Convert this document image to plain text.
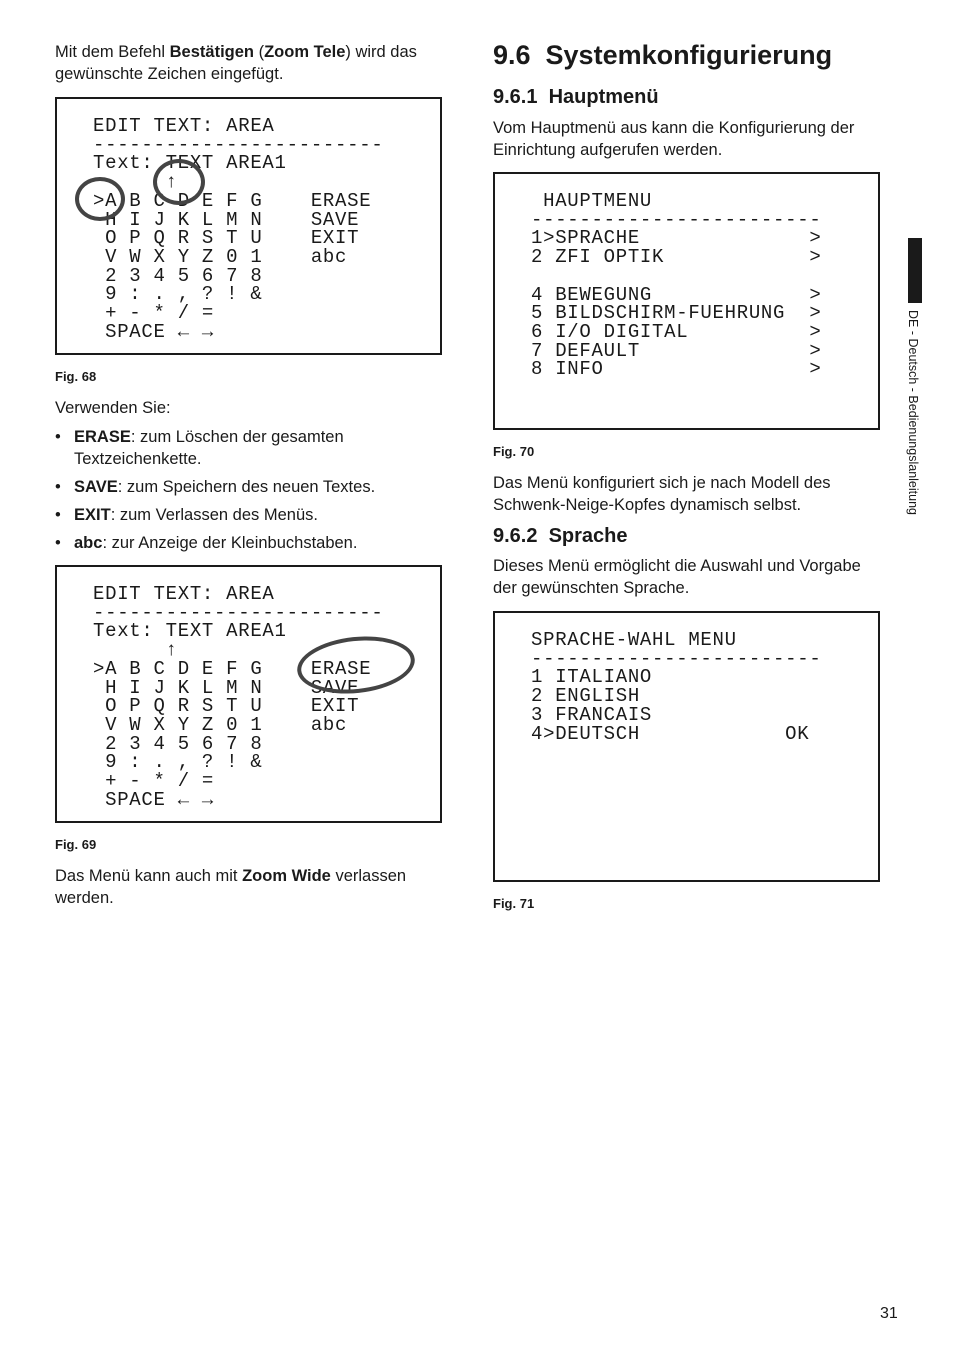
Mit dem Befehl Bestätigen (Zoom Tele) wird das gewünschte Zeichen eingefügt.
EDIT TEXT: AREA
------------------------
Text: TEXT AREA1
↑
>A B C D E F G    ERASE
H I J K L M N    SAVE
O P Q R S T U    EXIT
V W X Y Z 0 1    abc
2 3 4 5 6 7 8
9 : . , ? ! &
+ - * / =
SPACE ← →
Fig. 68
Verwenden Sie:
• ERASE: zum Löschen der gesamten Textzeichenkette.
• SAVE: zum Speichern des neuen Textes.
• EXIT: zum Verlassen des Menüs.
• abc: zur Anzeige der Kleinbuchstaben.
EDIT TEXT: AREA
------------------------
Text: TEXT AREA1
↑
>A B C D E F G    ERASE
H I J K L M N    SAVE
O P Q R S T U    EXIT
V W X Y Z 0 1    abc
2 3 4 5 6 7 8
9 : . , ? ! &
+ - * / =
SPACE ← →
Fig. 69
Das Menü kann auch mit Zoom Wide verlassen werden.
9.6  Systemkonfigurierung
9.6.1  Hauptmenü
Vom Hauptmenü aus kann die Konfigurierung der Einrichtung aufgerufen werden.
HAUPTMENU
------------------------
1>SPRACHE              >
2 ZFI OPTIK            >

4 BEWEGUNG             >
5 BILDSCHIRM-FUEHRUNG  >
6 I/O DIGITAL          >
7 DEFAULT              >
8 INFO                 >
Fig. 70
Das Menü konfiguriert sich je nach Modell des Schwenk-Neige-Kopfes dynamisch selbst.
9.6.2  Sprache
Dieses Menü ermöglicht die Auswahl und Vorgabe der gewünschten Sprache.
SPRACHE-WAHL MENU
------------------------
1 ITALIANO
2 ENGLISH
3 FRANCAIS
4>DEUTSCH            OK
Fig. 71
DE - Deutsch - Bedienungslanleitung
31
